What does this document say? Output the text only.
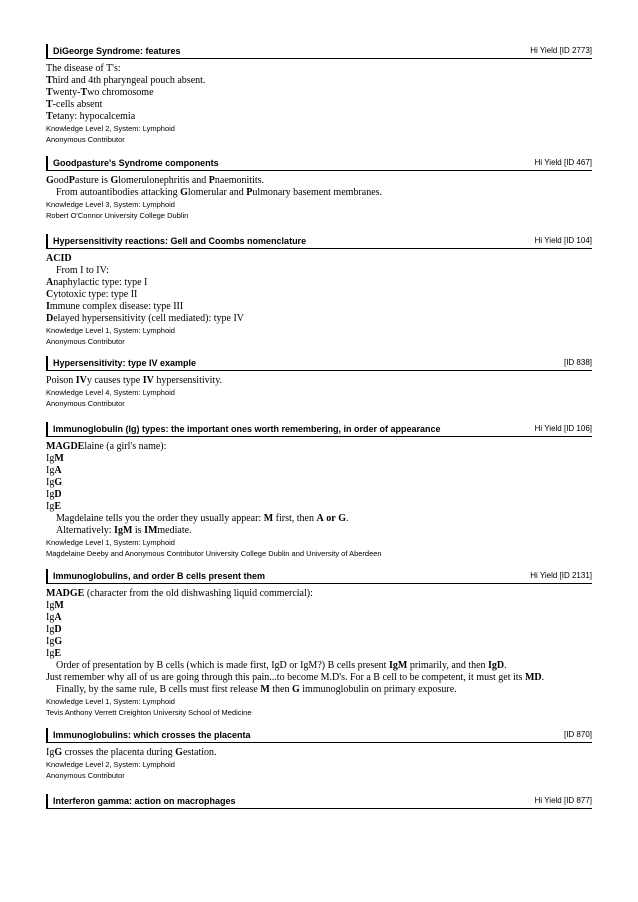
DiGeorge Syndrome: features	Hi Yield [ID 2773]
The disease of T's:
Third and 4th pharyngeal pouch absent.
Twenty-Two chromosome
T-cells absent
Tetany: hypocalcemia
Knowledge Level 2, System: Lymphoid
Anonymous Contributor
Goodpasture's Syndrome components	Hi Yield [ID 467]
GoodPasture is Glomerulonephritis and Pnaemonitits.
From autoantibodies attacking Glomerular and Pulmonary basement membranes.
Knowledge Level 3, System: Lymphoid
Robert O'Connor University College Dublin
Hypersensitivity reactions: Gell and Coombs nomenclature	Hi Yield [ID 104]
ACID
From I to IV:
Anaphylactic type: type I
Cytotoxic type: type II
Immune complex disease: type III
Delayed hypersensitivity (cell mediated): type IV
Knowledge Level 1, System: Lymphoid
Anonymous Contributor
Hypersensitivity: type IV example	[ID 838]
Poison IVy causes type IV hypersensitivity.
Knowledge Level 4, System: Lymphoid
Anonymous Contributor
Immunoglobulin (Ig) types: the important ones worth remembering, in order of appearance	Hi Yield [ID 106]
MAGDElaine (a girl's name):
IgM
IgA
IgG
IgD
IgE
Magdelaine tells you the order they usually appear: M first, then A or G.
Alternatively: IgM is IMmediate.
Knowledge Level 1, System: Lymphoid
Magdelaine Deeby and Anonymous Contributor University College Dublin and University of Aberdeen
Immunoglobulins, and order B cells present them	Hi Yield [ID 2131]
MADGE (character from the old dishwashing liquid commercial):
IgM
IgA
IgD
IgG
IgE
Order of presentation by B cells (which is made first, IgD or IgM?) B cells present IgM primarily, and then IgD.
Just remember why all of us are going through this pain...to become M.D's. For a B cell to be competent, it must get its MD.
Finally, by the same rule, B cells must first release M then G immunoglobulin on primary exposure.
Knowledge Level 1, System: Lymphoid
Tevis Anthony Verrett Creighton University School of Medicine
Immunoglobulins: which crosses the placenta	[ID 870]
IgG crosses the placenta during Gestation.
Knowledge Level 2, System: Lymphoid
Anonymous Contributor
Interferon gamma: action on macrophages	Hi Yield [ID 877]
